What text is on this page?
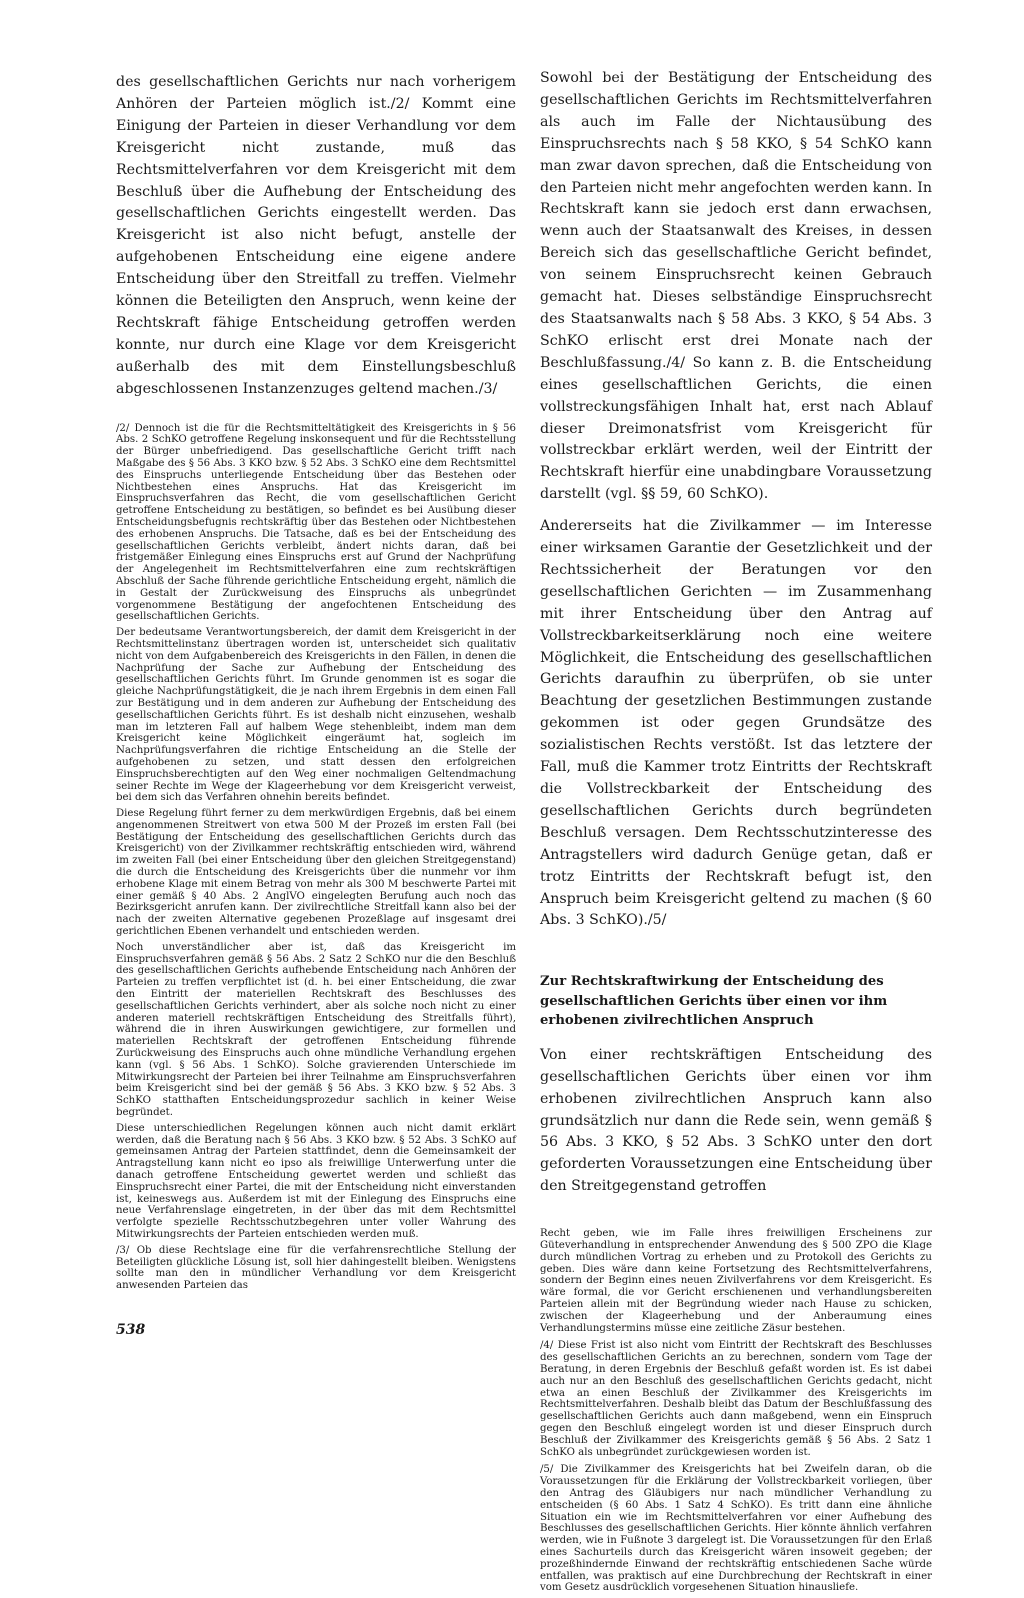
des gesellschaftlichen Gerichts nur nach vorherigem Anhören der Parteien möglich ist./2/ Kommt eine Einigung der Parteien in dieser Verhandlung vor dem Kreisgericht nicht zustande, muß das Rechtsmittelverfahren vor dem Kreisgericht mit dem Beschluß über die Aufhebung der Entscheidung des gesellschaftlichen Gerichts eingestellt werden. Das Kreisgericht ist also nicht befugt, anstelle der aufgehobenen Entscheidung eine eigene andere Entscheidung über den Streitfall zu treffen. Vielmehr können die Beteiligten den Anspruch, wenn keine der Rechtskraft fähige Entscheidung getroffen werden konnte, nur durch eine Klage vor dem Kreisgericht außerhalb des mit dem Einstellungsbeschluß abgeschlossenen Instanzenzuges geltend machen./3/

/2/ Dennoch ist die für die Rechtsmitteltätigkeit des Kreisgerichts in § 56 Abs. 2 SchKO getroffene Regelung inskonsequent und für die Rechtsstellung der Bürger unbefriedigend. Das gesellschaftliche Gericht trifft nach Maßgabe des § 56 Abs. 3 KKO bzw. § 52 Abs. 3 SchKO eine dem Rechtsmittel des Einspruchs unterliegende Entscheidung über das Bestehen oder Nichtbestehen eines Anspruchs. Hat das Kreisgericht im Einspruchsverfahren das Recht, die vom gesellschaftlichen Gericht getroffene Entscheidung zu bestätigen, so befindet es bei Ausübung dieser Entscheidungsbefugnis rechtskräftig über das Bestehen oder Nichtbestehen des erhobenen Anspruchs. Die Tatsache, daß es bei der Entscheidung des gesellschaftlichen Gerichts verbleibt, ändert nichts daran, daß bei fristgemäßer Einlegung eines Einspruchs erst auf Grund der Nachprüfung der Angelegenheit im Rechtsmittelverfahren eine zum rechtskräftigen Abschluß der Sache führende gerichtliche Entscheidung ergeht, nämlich die in Gestalt der Zurückweisung des Einspruchs als unbegründet vorgenommene Bestätigung der angefochtenen Entscheidung des gesellschaftlichen Gerichts.

Der bedeutsame Verantwortungsbereich, der damit dem Kreisgericht in der Rechtsmittelinstanz übertragen worden ist, unterscheidet sich qualitativ nicht von dem Aufgabenbereich des Kreisgerichts in den Fällen, in denen die Nachprüfung der Sache zur Aufhebung der Entscheidung des gesellschaftlichen Gerichts führt. Im Grunde genommen ist es sogar die gleiche Nachprüfungstätigkeit, die je nach ihrem Ergebnis in dem einen Fall zur Bestätigung und in dem anderen zur Aufhebung der Entscheidung des gesellschaftlichen Gerichts führt. Es ist deshalb nicht einzusehen, weshalb man im letzteren Fall auf halbem Wege stehenbleibt, indem man dem Kreisgericht keine Möglichkeit eingeräumt hat, sogleich im Nachprüfungsverfahren die richtige Entscheidung an die Stelle der aufgehobenen zu setzen, und statt dessen den erfolgreichen Einspruchsberechtigten auf den Weg einer nochmaligen Geltendmachung seiner Rechte im Wege der Klageerhebung vor dem Kreisgericht verweist, bei dem sich das Verfahren ohnehin bereits befindet.

Diese Regelung führt ferner zu dem merkwürdigen Ergebnis, daß bei einem angenommenen Streitwert von etwa 500 M der Prozeß im ersten Fall (bei Bestätigung der Entscheidung des gesellschaftlichen Gerichts durch das Kreisgericht) von der Zivilkammer rechtskräftig entschieden wird, während im zweiten Fall (bei einer Entscheidung über den gleichen Streitgegenstand) die durch die Entscheidung des Kreisgerichts über die nunmehr vor ihm erhobene Klage mit einem Betrag von mehr als 300 M beschwerte Partei mit einer gemäß § 40 Abs. 2 AnglVO eingelegten Berufung auch noch das Bezirksgericht anrufen kann. Der zivilrechtliche Streitfall kann also bei der nach der zweiten Alternative gegebenen Prozeßlage auf insgesamt drei gerichtlichen Ebenen verhandelt und entschieden werden.

Noch unverständlicher aber ist, daß das Kreisgericht im Einspruchsverfahren gemäß § 56 Abs. 2 Satz 2 SchKO nur die den Beschluß des gesellschaftlichen Gerichts aufhebende Entscheidung nach Anhören der Parteien zu treffen verpflichtet ist (d. h. bei einer Entscheidung, die zwar den Eintritt der materiellen Rechtskraft des Beschlusses des gesellschaftlichen Gerichts verhindert, aber als solche noch nicht zu einer anderen materiell rechtskräftigen Entscheidung des Streitfalls führt), während die in ihren Auswirkungen gewichtigere, zur formellen und materiellen Rechtskraft der getroffenen Entscheidung führende Zurückweisung des Einspruchs auch ohne mündliche Verhandlung ergehen kann (vgl. § 56 Abs. 1 SchKO). Solche gravierenden Unterschiede im Mitwirkungsrecht der Parteien bei ihrer Teilnahme am Einspruchsverfahren beim Kreisgericht sind bei der gemäß § 56 Abs. 3 KKO bzw. § 52 Abs. 3 SchKO statthaften Entscheidungsprozedur sachlich in keiner Weise begründet.

Diese unterschiedlichen Regelungen können auch nicht damit erklärt werden, daß die Beratung nach § 56 Abs. 3 KKO bzw. § 52 Abs. 3 SchKO auf gemeinsamen Antrag der Parteien stattfindet, denn die Gemeinsamkeit der Antragstellung kann nicht eo ipso als freiwillige Unterwerfung unter die danach getroffene Entscheidung gewertet werden und schließt das Einspruchsrecht einer Partei, die mit der Entscheidung nicht einverstanden ist, keineswegs aus. Außerdem ist mit der Einlegung des Einspruchs eine neue Verfahrenslage eingetreten, in der über das mit dem Rechtsmittel verfolgte spezielle Rechtsschutzbegehren unter voller Wahrung des Mitwirkungsrechts der Parteien entschieden werden muß.

/3/ Ob diese Rechtslage eine für die verfahrensrechtliche Stellung der Beteiligten glückliche Lösung ist, soll hier dahingestellt bleiben. Wenigstens sollte man den in mündlicher Verhandlung vor dem Kreisgericht anwesenden Parteien das

Sowohl bei der Bestätigung der Entscheidung des gesellschaftlichen Gerichts im Rechtsmittelverfahren als auch im Falle der Nichtausübung des Einspruchsrechts nach § 58 KKO, § 54 SchKO kann man zwar davon sprechen, daß die Entscheidung von den Parteien nicht mehr angefochten werden kann. In Rechtskraft kann sie jedoch erst dann erwachsen, wenn auch der Staatsanwalt des Kreises, in dessen Bereich sich das gesellschaftliche Gericht befindet, von seinem Einspruchsrecht keinen Gebrauch gemacht hat. Dieses selbständige Einspruchsrecht des Staatsanwalts nach § 58 Abs. 3 KKO, § 54 Abs. 3 SchKO erlischt erst drei Monate nach der Beschlußfassung./4/ So kann z. B. die Entscheidung eines gesellschaftlichen Gerichts, die einen vollstreckungsfähigen Inhalt hat, erst nach Ablauf dieser Dreimonatsfrist vom Kreisgericht für vollstreckbar erklärt werden, weil der Eintritt der Rechtskraft hierfür eine unabdingbare Voraussetzung darstellt (vgl. §§ 59, 60 SchKO).

Andererseits hat die Zivilkammer — im Interesse einer wirksamen Garantie der Gesetzlichkeit und der Rechtssicherheit der Beratungen vor den gesellschaftlichen Gerichten — im Zusammenhang mit ihrer Entscheidung über den Antrag auf Vollstreckbarkeitserklärung noch eine weitere Möglichkeit, die Entscheidung des gesellschaftlichen Gerichts daraufhin zu überprüfen, ob sie unter Beachtung der gesetzlichen Bestimmungen zustande gekommen ist oder gegen Grundsätze des sozialistischen Rechts verstößt. Ist das letztere der Fall, muß die Kammer trotz Eintritts der Rechtskraft die Vollstreckbarkeit der Entscheidung des gesellschaftlichen Gerichts durch begründeten Beschluß versagen. Dem Rechtsschutzinteresse des Antragstellers wird dadurch Genüge getan, daß er trotz Eintritts der Rechtskraft befugt ist, den Anspruch beim Kreisgericht geltend zu machen (§ 60 Abs. 3 SchKO)./5/

Zur Rechtskraftwirkung der Entscheidung des gesellschaftlichen Gerichts über einen vor ihm erhobenen zivilrechtlichen Anspruch

Von einer rechtskräftigen Entscheidung des gesellschaftlichen Gerichts über einen vor ihm erhobenen zivilrechtlichen Anspruch kann also grundsätzlich nur dann die Rede sein, wenn gemäß § 56 Abs. 3 KKO, § 52 Abs. 3 SchKO unter den dort geforderten Voraussetzungen eine Entscheidung über den Streitgegenstand getroffen

Recht geben, wie im Falle ihres freiwilligen Erscheinens zur Güteverhandlung in entsprechender Anwendung des § 500 ZPO die Klage durch mündlichen Vortrag zu erheben und zu Protokoll des Gerichts zu geben. Dies wäre dann keine Fortsetzung des Rechtsmittelverfahrens, sondern der Beginn eines neuen Zivilverfahrens vor dem Kreisgericht. Es wäre formal, die vor Gericht erschienenen und verhandlungsbereiten Parteien allein mit der Begründung wieder nach Hause zu schicken, zwischen der Klageerhebung und der Anberaumung eines Verhandlungstermins müsse eine zeitliche Zäsur bestehen.

/4/ Diese Frist ist also nicht vom Eintritt der Rechtskraft des Beschlusses des gesellschaftlichen Gerichts an zu berechnen, sondern vom Tage der Beratung, in deren Ergebnis der Beschluß gefaßt worden ist. Es ist dabei auch nur an den Beschluß des gesellschaftlichen Gerichts gedacht, nicht etwa an einen Beschluß der Zivilkammer des Kreisgerichts im Rechtsmittelverfahren. Deshalb bleibt das Datum der Beschlußfassung des gesellschaftlichen Gerichts auch dann maßgebend, wenn ein Einspruch gegen den Beschluß eingelegt worden ist und dieser Einspruch durch Beschluß der Zivilkammer des Kreisgerichts gemäß § 56 Abs. 2 Satz 1 SchKO als unbegründet zurückgewiesen worden ist.

/5/ Die Zivilkammer des Kreisgerichts hat bei Zweifeln daran, ob die Voraussetzungen für die Erklärung der Vollstreckbarkeit vorliegen, über den Antrag des Gläubigers nur nach mündlicher Verhandlung zu entscheiden (§ 60 Abs. 1 Satz 4 SchKO). Es tritt dann eine ähnliche Situation ein wie im Rechtsmittelverfahren vor einer Aufhebung des Beschlusses des gesellschaftlichen Gerichts. Hier könnte ähnlich verfahren werden, wie in Fußnote 3 dargelegt ist. Die Voraussetzungen für den Erlaß eines Sachurteils durch das Kreisgericht wären insoweit gegeben; der prozeßhindernde Einwand der rechtskräftig entschiedenen Sache würde entfallen, was praktisch auf eine Durchbrechung der Rechtskraft in einer vom Gesetz ausdrücklich vorgesehenen Situation hinausliefe.

538
